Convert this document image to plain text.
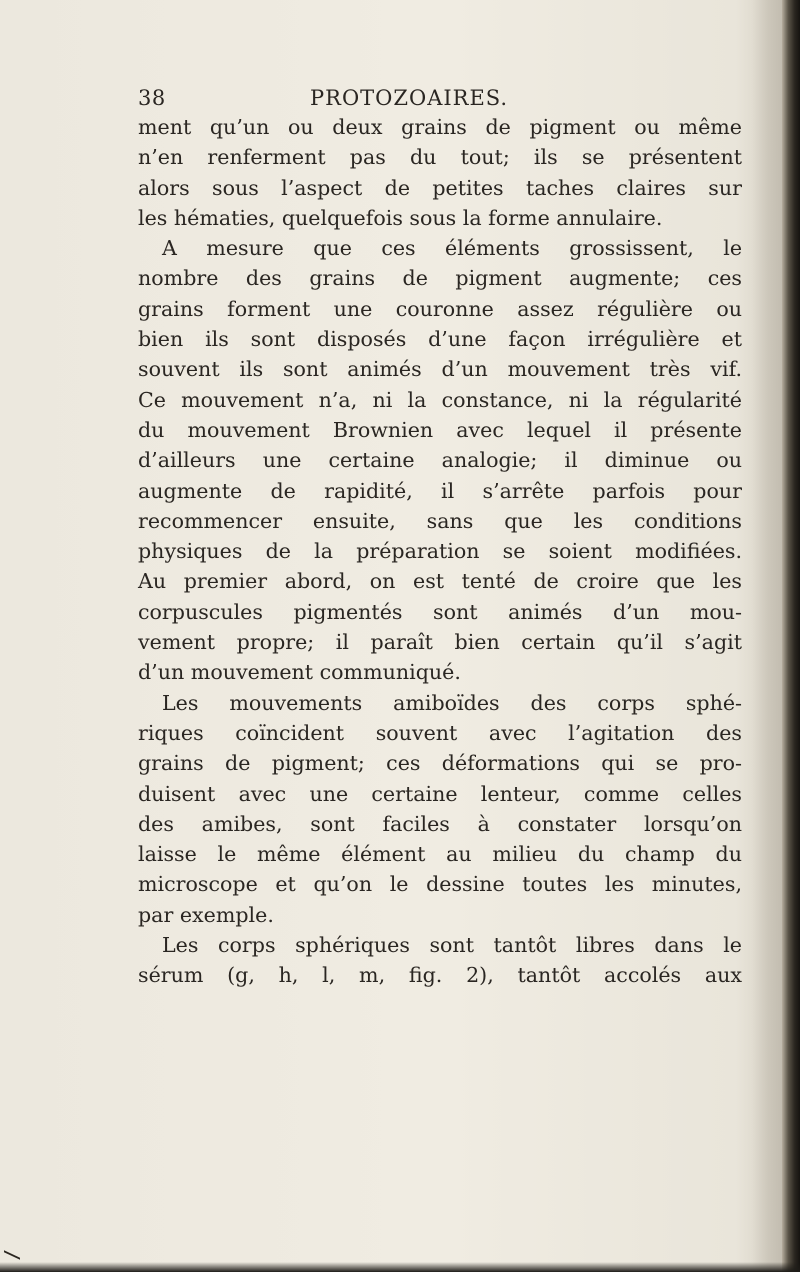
38	PROTOZOAIRES.
ment qu’un ou deux grains de pigment ou même
n’en renferment pas du tout; ils se présentent
alors sous l’aspect de petites taches claires sur
les hématies, quelquefois sous la forme annulaire.
A mesure que ces éléments grossissent, le
nombre des grains de pigment augmente; ces
grains forment une couronne assez régulière ou
bien ils sont disposés d’une façon irrégulière et
souvent ils sont animés d’un mouvement très vif.
Ce mouvement n’a, ni la constance, ni la régularité
du mouvement Brownien avec lequel il présente
d’ailleurs une certaine analogie; il diminue ou
augmente de rapidité, il s’arrête parfois pour
recommencer ensuite, sans que les conditions
physiques de la préparation se soient modifiées.
Au premier abord, on est tenté de croire que les
corpuscules pigmentés sont animés d’un mou-
vement propre; il paraît bien certain qu’il s’agit
d’un mouvement communiqué.
Les mouvements amiboïdes des corps sphé-
riques coïncident souvent avec l’agitation des
grains de pigment; ces déformations qui se pro-
duisent avec une certaine lenteur, comme celles
des amibes, sont faciles à constater lorsqu’on
laisse le même élément au milieu du champ du
microscope et qu’on le dessine toutes les minutes,
par exemple.
Les corps sphériques sont tantôt libres dans le
sérum (g, h, l, m, fig. 2), tantôt accolés aux
